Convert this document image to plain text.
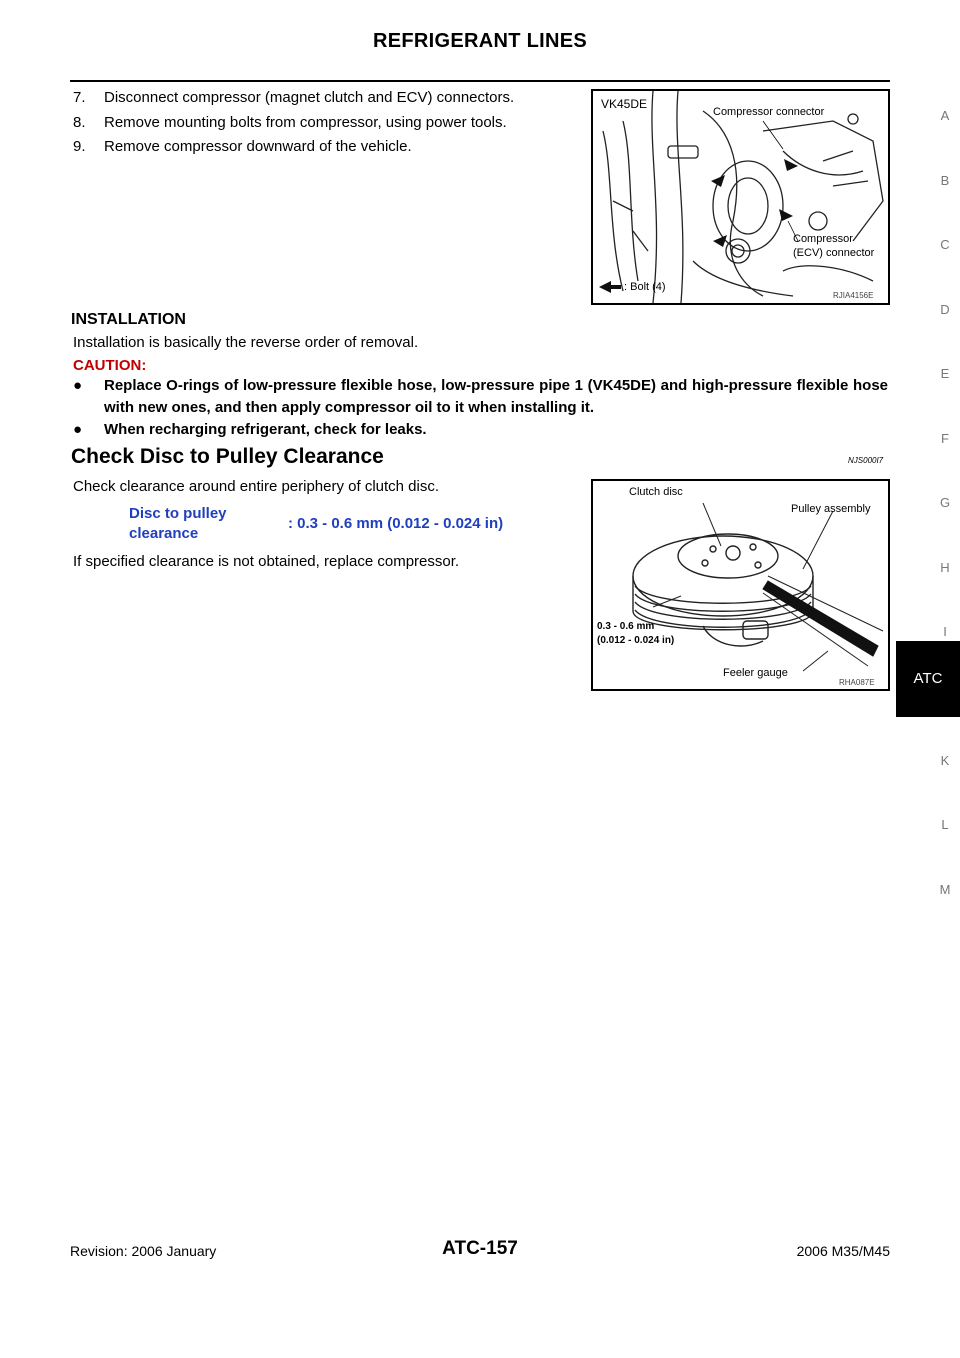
REFRIGERANT LINES
7. Disconnect compressor (magnet clutch and ECV) connectors.
8. Remove mounting bolts from compressor, using power tools.
9. Remove compressor downward of the vehicle.
VK45DE
Compressor connector
Compressor
(ECV) connector
: Bolt (4)
RJIA4156E
INSTALLATION
Installation is basically the reverse order of removal.
CAUTION:
● Replace O-rings of low-pressure flexible hose, low-pressure pipe 1 (VK45DE) and high-pressure flexible hose with new ones, and then apply compressor oil to it when installing it.
● When recharging refrigerant, check for leaks.
Check Disc to Pulley Clearance	NJS000I7
Check clearance around entire periphery of clutch disc.
Disc to pulley
clearance
: 0.3 - 0.6 mm (0.012 - 0.024 in)
If specified clearance is not obtained, replace compressor.
Clutch disc
Pulley assembly
0.3 - 0.6 mm
(0.012 - 0.024 in)
Feeler gauge
RHA087E
A
B
C
D
E
F
G
H
I
ATC
K
L
M
Revision: 2006 January	ATC-157	2006 M35/M45
